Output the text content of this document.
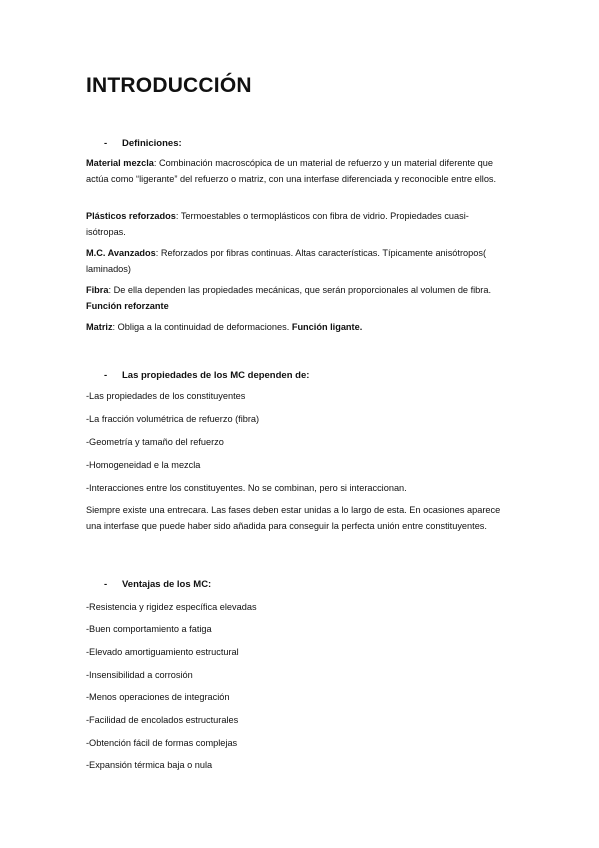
INTRODUCCIÓN
- Definiciones:
Material mezcla: Combinación macroscópica de un material de refuerzo y un material diferente que actúa como “ligerante” del refuerzo o matriz, con una interfase diferenciada y reconocible entre ellos.
Plásticos reforzados: Termoestables o termoplásticos con fibra de vidrio. Propiedades cuasi-isótropas.
M.C. Avanzados: Reforzados por fibras continuas. Altas características. Típicamente anisótropos( laminados)
Fibra: De ella dependen las propiedades mecánicas, que serán proporcionales al volumen de fibra. Función reforzante
Matriz: Obliga a la continuidad de deformaciones. Función ligante.
- Las propiedades de los MC dependen de:
-Las propiedades de los constituyentes
-La fracción volumétrica de refuerzo (fibra)
-Geometría y tamaño del refuerzo
-Homogeneidad e la mezcla
-Interacciones entre los constituyentes. No se combinan, pero si interaccionan.
Siempre existe una entrecara. Las fases deben estar unidas a lo largo de esta. En ocasiones aparece una interfase que puede haber sido añadida para conseguir la perfecta unión entre constituyentes.
- Ventajas de los MC:
-Resistencia y rigidez específica elevadas
-Buen comportamiento a fatiga
-Elevado amortiguamiento estructural
-Insensibilidad a corrosión
-Menos operaciones de integración
-Facilidad de encolados estructurales
-Obtención fácil de formas complejas
-Expansión térmica baja o nula
